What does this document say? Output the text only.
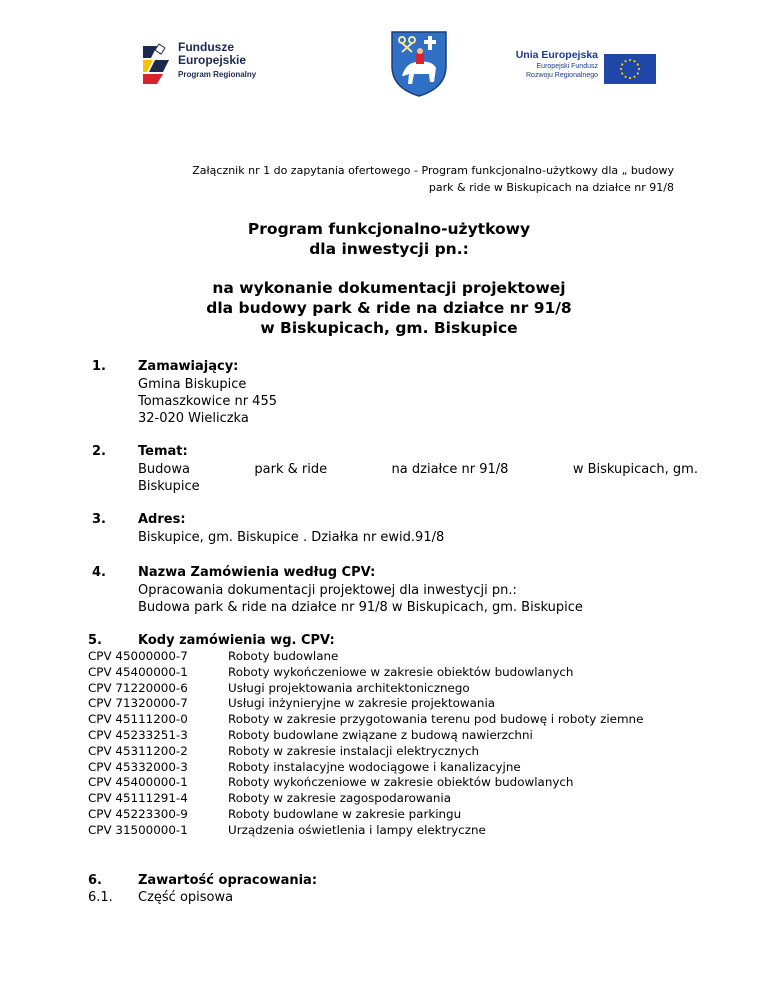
Fundusze
Europejskie
Program Regionalny
Unia Europejska
Europejski Fundusz
Rozwoju Regionalnego
Załącznik nr 1 do zapytania ofertowego - Program funkcjonalno-użytkowy dla „ budowy
park & ride w Biskupicach na działce nr 91/8
Program funkcjonalno-użytkowy
dla inwestycji pn.:
na wykonanie dokumentacji projektowej
dla budowy park & ride na działce nr 91/8
w Biskupicach, gm. Biskupice
1. Zamawiający:
Gmina Biskupice
Tomaszkowice nr 455
32-020 Wieliczka
2. Temat:
Budowa	park & ride	na działce nr 91/8	w Biskupicach, gm.
Biskupice
3. Adres:
Biskupice, gm. Biskupice . Działka nr ewid.91/8
4. Nazwa Zamówienia według CPV:
Opracowania dokumentacji projektowej dla inwestycji pn.:
Budowa park & ride na działce nr 91/8 w Biskupicach, gm. Biskupice
5.	Kody zamówienia wg. CPV:
CPV 45000000-7	Roboty budowlane
CPV 45400000-1	Roboty wykończeniowe w zakresie obiektów budowlanych
CPV 71220000-6	Usługi projektowania architektonicznego
CPV 71320000-7	Usługi inżynieryjne w zakresie projektowania
CPV 45111200-0	Roboty w zakresie przygotowania terenu pod budowę i roboty ziemne
CPV 45233251-3	Roboty budowlane związane z budową nawierzchni
CPV 45311200-2	Roboty w zakresie instalacji elektrycznych
CPV 45332000-3	Roboty instalacyjne wodociągowe i kanalizacyjne
CPV 45400000-1	Roboty wykończeniowe w zakresie obiektów budowlanych
CPV 45111291-4	Roboty w zakresie zagospodarowania
CPV 45223300-9	Roboty budowlane w zakresie parkingu
CPV 31500000-1	Urządzenia oświetlenia i lampy elektryczne
6.	Zawartość opracowania:
6.1. Część opisowa
